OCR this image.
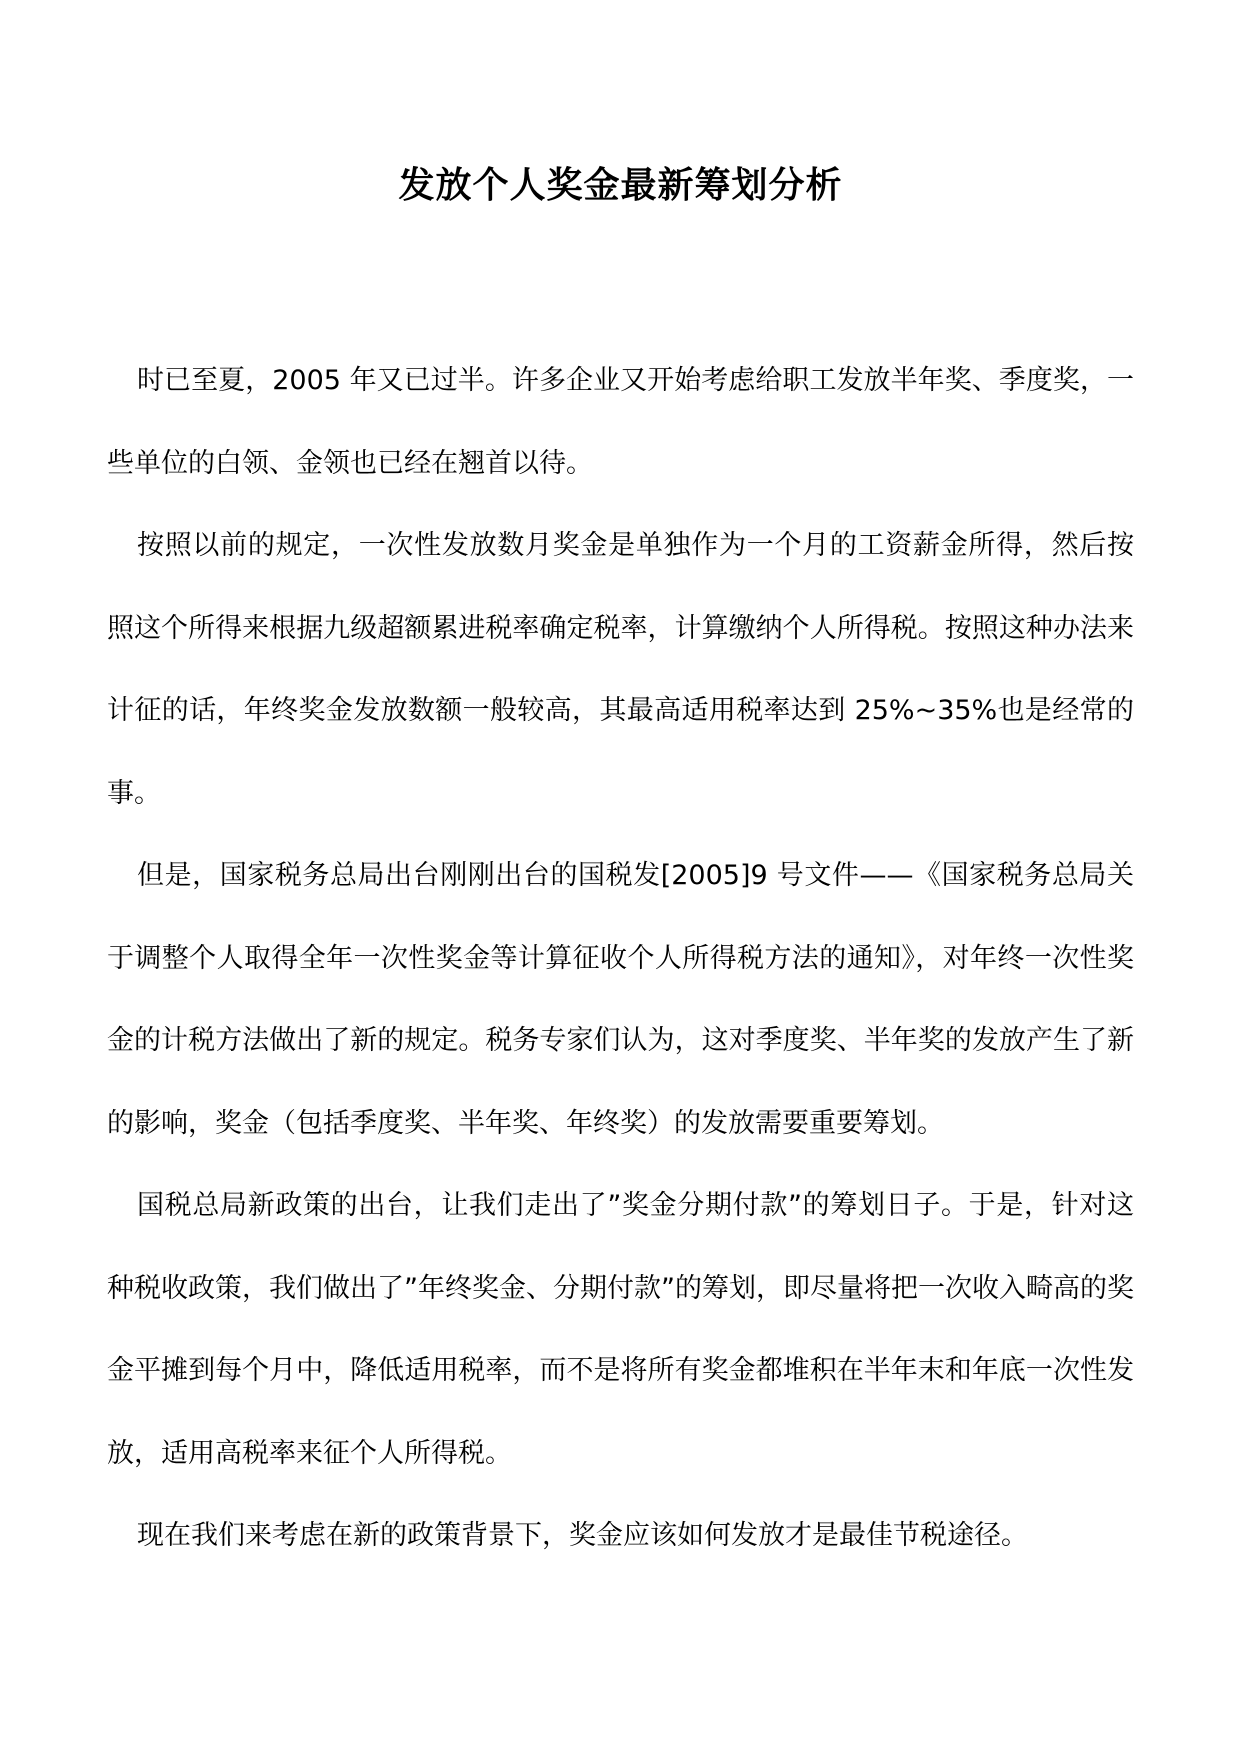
发放个人奖金最新筹划分析

时已至夏，2005 年又已过半。许多企业又开始考虑给职工发放半年奖、季度奖，一些单位的白领、金领也已经在翘首以待。

按照以前的规定，一次性发放数月奖金是单独作为一个月的工资薪金所得，然后按照这个所得来根据九级超额累进税率确定税率，计算缴纳个人所得税。按照这种办法来计征的话，年终奖金发放数额一般较高，其最高适用税率达到 25%~35%也是经常的事。

但是，国家税务总局出台刚刚出台的国税发[2005]9 号文件——《国家税务总局关于调整个人取得全年一次性奖金等计算征收个人所得税方法的通知》，对年终一次性奖金的计税方法做出了新的规定。税务专家们认为，这对季度奖、半年奖的发放产生了新的影响，奖金（包括季度奖、半年奖、年终奖）的发放需要重要筹划。

国税总局新政策的出台，让我们走出了”奖金分期付款”的筹划日子。于是，针对这种税收政策，我们做出了”年终奖金、分期付款”的筹划，即尽量将把一次收入畸高的奖金平摊到每个月中，降低适用税率，而不是将所有奖金都堆积在半年末和年底一次性发放，适用高税率来征个人所得税。

现在我们来考虑在新的政策背景下，奖金应该如何发放才是最佳节税途径。
